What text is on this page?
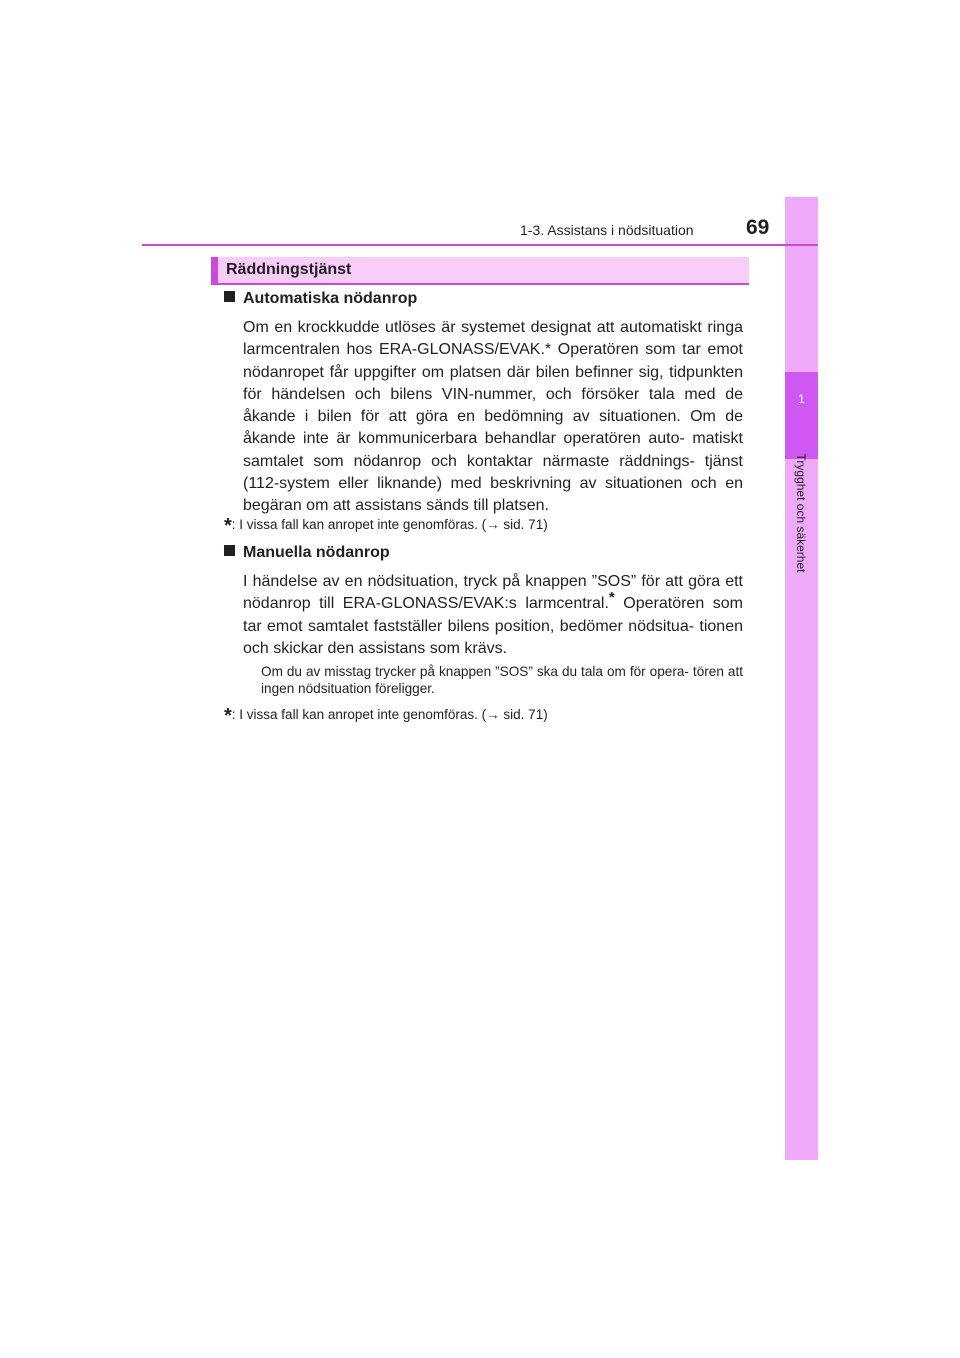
1
Trygghet och säkerhet
1-3. Assistans i nödsituation 69
Räddningstjänst
Automatiska nödanrop
Om en krockkudde utlöses är systemet designat att automatiskt ringa larmcentralen hos ERA-GLONASS/EVAK.* Operatören som tar emot nödanropet får uppgifter om platsen där bilen befinner sig, tidpunkten för händelsen och bilens VIN-nummer, och försöker tala med de åkande i bilen för att göra en bedömning av situationen. Om de åkande inte är kommunicerbara behandlar operatören auto- matiskt samtalet som nödanrop och kontaktar närmaste räddnings- tjänst (112-system eller liknande) med beskrivning av situationen och en begäran om att assistans sänds till platsen.
*: I vissa fall kan anropet inte genomföras. (→ sid. 71)
Manuella nödanrop
I händelse av en nödsituation, tryck på knappen ”SOS” för att göra ett nödanrop till ERA-GLONASS/EVAK:s larmcentral.* Operatören som tar emot samtalet fastställer bilens position, bedömer nödsitua- tionen och skickar den assistans som krävs.
Om du av misstag trycker på knappen ”SOS” ska du tala om för opera- tören att ingen nödsituation föreligger.
*: I vissa fall kan anropet inte genomföras. (→ sid. 71)
